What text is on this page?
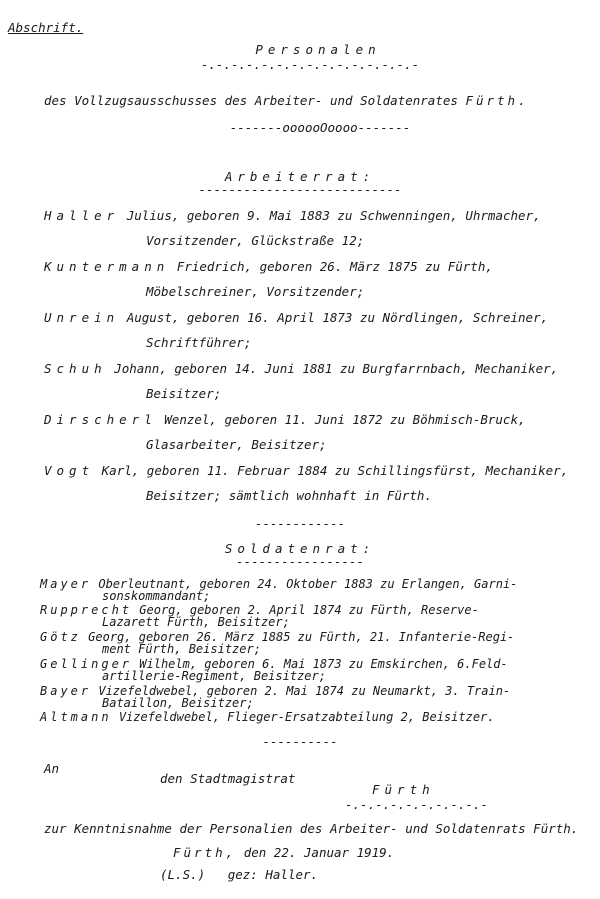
Abschrift.
Personalen
-.-.-.-.-.-.-.-.-.-.-.-.-.-.-
des Vollzugsausschusses des Arbeiter- und Soldatenrates Fürth.
-------oooooOoooo-------
Arbeiterrat:
---------------------------
Haller Julius, geboren 9. Mai 1883 zu Schwenningen, Uhrmacher,
Vorsitzender, Glückstraße 12;
Kuntermann Friedrich, geboren 26. März 1875 zu Fürth,
Möbelschreiner, Vorsitzender;
Unrein August, geboren 16. April 1873 zu Nördlingen, Schreiner,
Schriftführer;
Schuh Johann, geboren 14. Juni 1881 zu Burgfarrnbach, Mechaniker,
Beisitzer;
Dirscherl Wenzel, geboren 11. Juni 1872 zu Böhmisch-Bruck,
Glasarbeiter, Beisitzer;
Vogt Karl, geboren 11. Februar 1884 zu Schillingsfürst, Mechaniker,
Beisitzer; sämtlich wohnhaft in Fürth.
------------
Soldatenrat:
-----------------
Mayer Oberleutnant, geboren 24. Oktober 1883 zu Erlangen, Garni-
sonskommandant;
Rupprecht Georg, geboren 2. April 1874 zu Fürth, Reserve-
Lazarett Fürth, Beisitzer;
Götz Georg, geboren 26. März 1885 zu Fürth, 21. Infanterie-Regi-
ment Fürth, Beisitzer;
Gellinger Wilhelm, geboren 6. Mai 1873 zu Emskirchen, 6.Feld-
artillerie-Regiment, Beisitzer;
Bayer Vizefeldwebel, geboren 2. Mai 1874 zu Neumarkt, 3. Train-
Bataillon, Beisitzer;
Altmann Vizefeldwebel, Flieger-Ersatzabteilung 2, Beisitzer.
----------
An
den Stadtmagistrat
Fürth
-.-.-.-.-.-.-.-.-.-
zur Kenntnisnahme der Personalien des Arbeiter- und Soldatenrats Fürth.
Fürth, den 22. Januar 1919.
(L.S.) gez: Haller.
